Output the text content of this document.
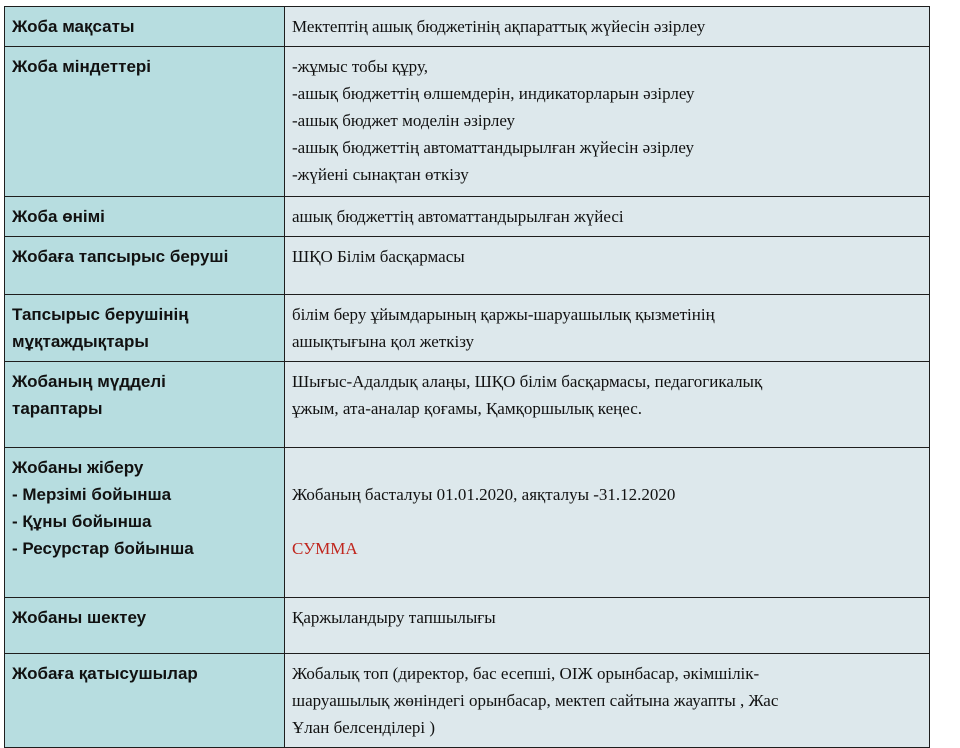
Жоба мақсаты	Мектептің ашық бюджетінің ақпараттық жүйесін әзірлеу

Жоба міндеттері	-жұмыс тобы құру,
-ашық бюджеттің өлшемдерін, индикаторларын әзірлеу
-ашық бюджет моделін әзірлеу
-ашық бюджеттің автоматтандырылған жүйесін әзірлеу
-жүйені сынақтан өткізу

Жоба өнімі	ашық бюджеттің автоматтандырылған жүйесі

Жобаға тапсырыс беруші	ШҚО Білім басқармасы

Тапсырыс берушінің
мұқтаждықтары	білім беру ұйымдарының қаржы-шаруашылық қызметінің
ашықтығына қол жеткізу

Жобаның мүдделі
тараптары	Шығыс-Адалдық алаңы, ШҚО білім басқармасы, педагогикалық
ұжым, ата-аналар қоғамы, Қамқоршылық кеңес.

Жобаны жіберу
- Мерзімі бойынша
- Құны бойынша
- Ресурстар бойынша	Жобаның басталуы 01.01.2020, аяқталуы -31.12.2020
СУММА

Жобаны шектеу	Қаржыландыру тапшылығы

Жобаға қатысушылар	Жобалық топ (директор, бас есепші, ОІЖ орынбасар, әкімшілік-
шаруашылық жөніндегі орынбасар, мектеп сайтына жауапты , Жас
Ұлан белсенділері )
